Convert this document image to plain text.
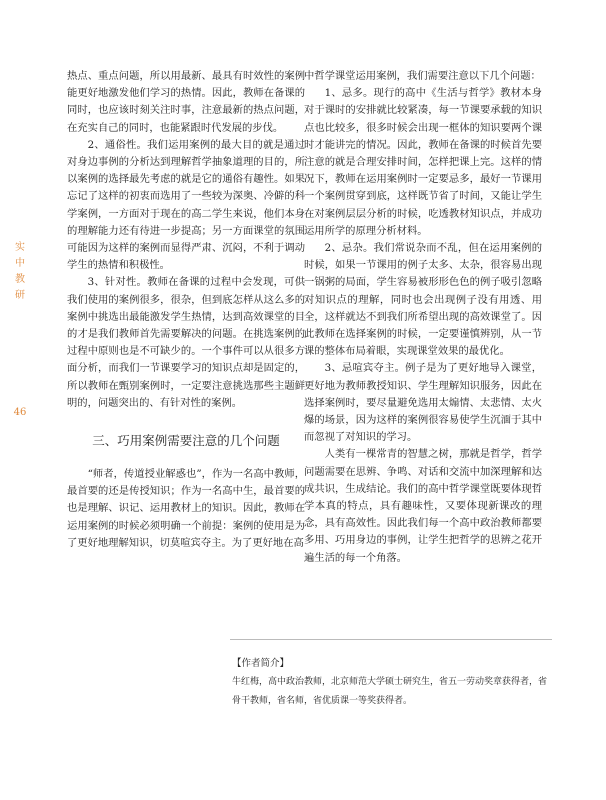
实
中
教
研
46

热点、重点问题，所以用最新、最具有时效性的案例能更好地激发他们学习的热情。因此，教师在备课的同时，也应该时刻关注时事，注意最新的热点问题，在充实自己的同时，也能紧跟时代发展的步伐。

2、通俗性。我们运用案例的最大目的就是通过对身边事例的分析达到理解哲学抽象道理的目的，所以案例的选择最先考虑的就是它的通俗有趣性。如果忘记了这样的初衷而选用了一些较为深奥、冷僻的科学案例，一方面对于现在的高二学生来说，他们本身的理解能力还有待进一步提高；另一方面课堂的氛围可能因为这样的案例而显得严肃、沉闷，不利于调动学生的热情和积极性。

3、针对性。教师在备课的过程中会发现，可供我们使用的案例很多，很杂，但到底怎样从这么多的案例中挑选出最能激发学生热情，达到高效课堂的目的才是我们教师首先需要解决的问题。在挑选案例的过程中原则也是不可缺少的。一个事件可以从很多方面分析，而我们一节课要学习的知识点却是固定的，所以教师在甄别案例时，一定要注意挑选那些主题鲜明的，问题突出的、有针对性的案例。

三、巧用案例需要注意的几个问题

“师者，传道授业解惑也”，作为一名高中教师，最首要的还是传授知识；作为一名高中生，最首要的也是理解、识记、运用教材上的知识。因此，教师在运用案例的时候必须明确一个前提：案例的使用是为了更好地理解知识，切莫喧宾夺主。为了更好地在高

中哲学课堂运用案例，我们需要注意以下几个问题：

1、忌多。现行的高中《生活与哲学》教材本身对于课时的安排就比较紧凑，每一节课要承载的知识点也比较多，很多时候会出现一框体的知识要两个课时才能讲完的情况。因此，教师在备课的时候首先要注意的就是合理安排时间，怎样把课上完。这样的情况下，教师在运用案例时一定要忌多，最好一节课用一个案例贯穿到底，这样既节省了时间，又能让学生在对案例层层分析的时候，吃透教材知识点，并成功运用所学的原理分析材料。

2、忌杂。我们常说杂而不乱，但在运用案例的时候，如果一节课用的例子太多、太杂，很容易出现一锅粥的局面，学生容易被形形色色的例子吸引忽略对知识点的理解，同时也会出现例子没有用透、用全，这样就达不到我们所希望出现的高效课堂了。因此教师在选择案例的时候，一定要谨慎辨别，从一节课的整体布局着眼，实现课堂效果的最优化。

3、忌喧宾夺主。例子是为了更好地导入课堂，更好地为教师教授知识、学生理解知识服务，因此在选择案例时，要尽量避免选用太煽情、太悲情、太火爆的场景，因为这样的案例很容易使学生沉湎于其中而忽视了对知识的学习。

人类有一棵常青的智慧之树，那就是哲学，哲学问题需要在思辨、争鸣、对话和交流中加深理解和达成共识，生成结论。我们的高中哲学课堂既要体现哲学本真的特点，具有趣味性，又要体现新课改的理念，具有高效性。因此我们每一个高中政治教师都要多用、巧用身边的事例，让学生把哲学的思辨之花开遍生活的每一个角落。

【作者简介】

牛红梅，高中政治教师，北京师范大学硕士研究生，省五一劳动奖章获得者，省骨干教师，省名师，省优质课一等奖获得者。
